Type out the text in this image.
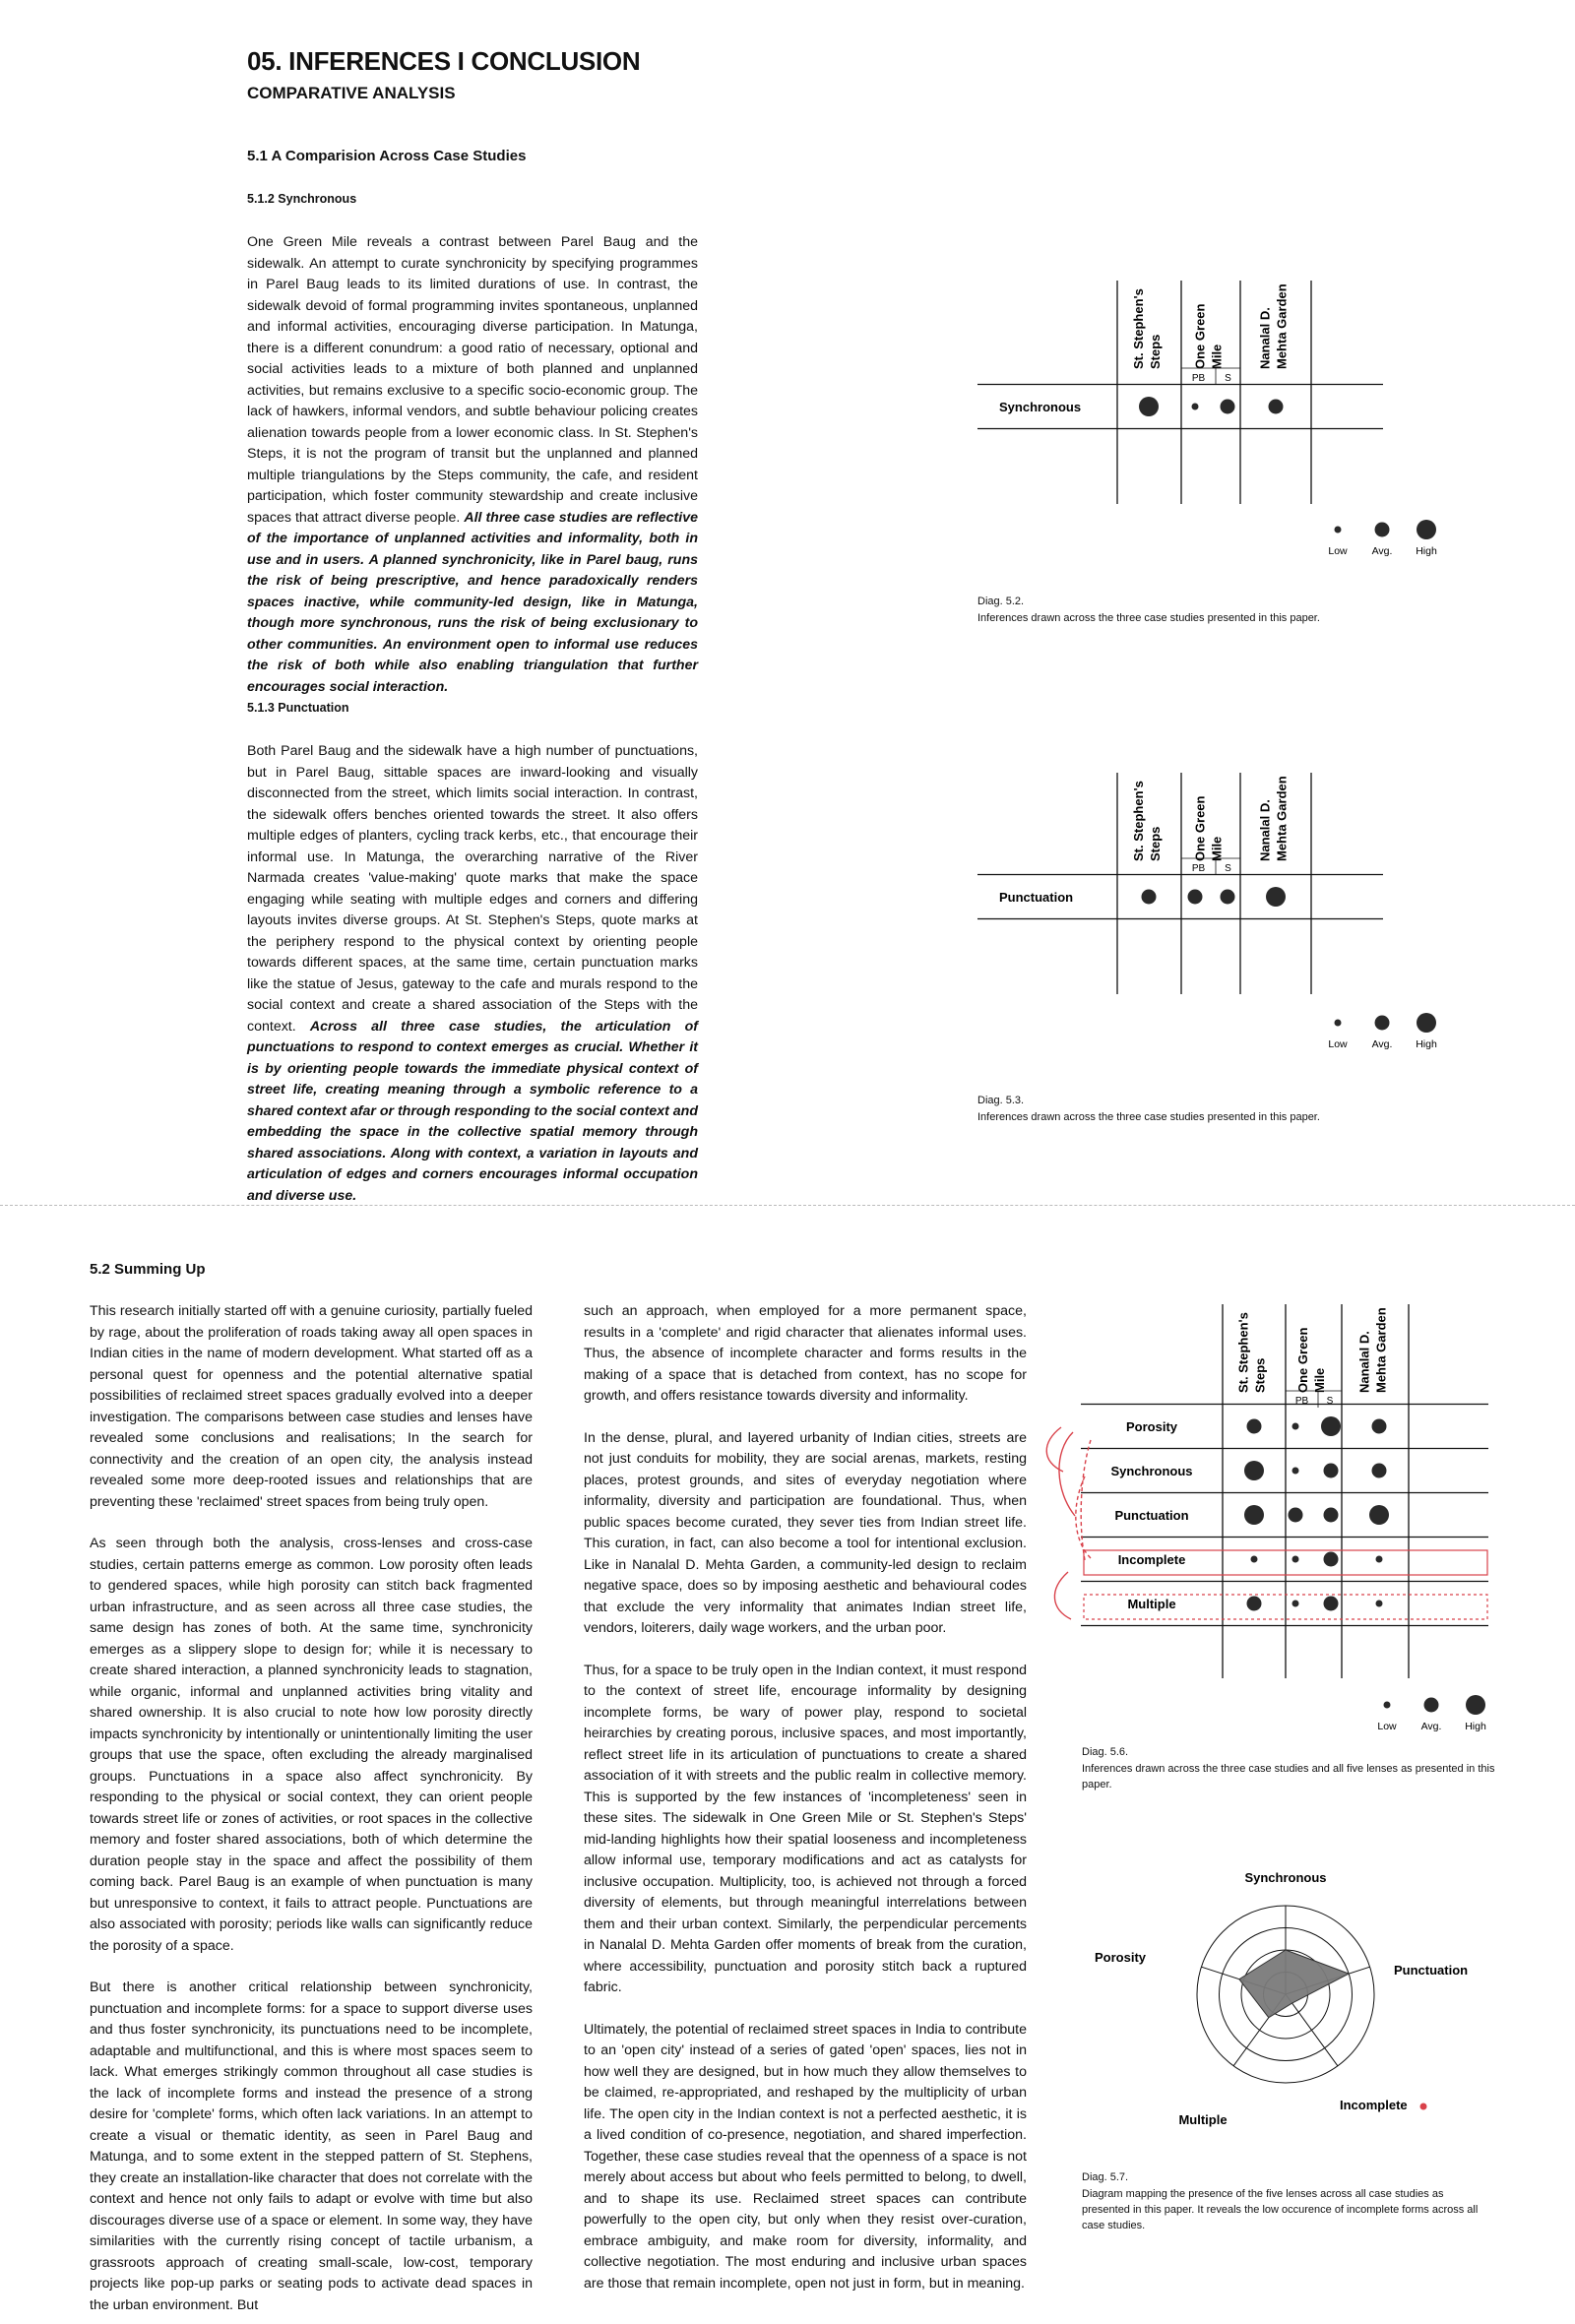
05. INFERENCES I CONCLUSION
COMPARATIVE ANALYSIS
5.1 A Comparision Across Case Studies
5.1.2 Synchronous

One Green Mile reveals a contrast between Parel Baug and the sidewalk. An attempt to curate synchronicity by specifying programmes in Parel Baug leads to its limited durations of use. In contrast, the sidewalk devoid of formal programming invites spontaneous, unplanned and informal activities, encouraging diverse participation. In Matunga, there is a different conundrum: a good ratio of necessary, optional and social activities leads to a mixture of both planned and unplanned activities, but remains exclusive to a specific socio-economic group. The lack of hawkers, informal vendors, and subtle behaviour policing creates alienation towards people from a lower economic class. In St. Stephen's Steps, it is not the program of transit but the unplanned and planned multiple triangulations by the Steps community, the cafe, and resident participation, which foster community stewardship and create inclusive spaces that attract diverse people. All three case studies are reflective of the importance of unplanned activities and informality, both in use and in users. A planned synchronicity, like in Parel baug, runs the risk of being prescriptive, and hence paradoxically renders spaces inactive, while community-led design, like in Matunga, though more synchronous, runs the risk of being exclusionary to other communities. An environment open to informal use reduces the risk of both while also enabling triangulation that further encourages social interaction.

5.1.3 Punctuation

Both Parel Baug and the sidewalk have a high number of punctuations, but in Parel Baug, sittable spaces are inward-looking and visually disconnected from the street, which limits social interaction. In contrast, the sidewalk offers benches oriented towards the street. It also offers multiple edges of planters, cycling track kerbs, etc., that encourage their informal use. In Matunga, the overarching narrative of the River Narmada creates 'value-making' quote marks that make the space engaging while seating with multiple edges and corners and differing layouts invites diverse groups. At St. Stephen's Steps, quote marks at the periphery respond to the physical context by orienting people towards different spaces, at the same time, certain punctuation marks like the statue of Jesus, gateway to the cafe and murals respond to the social context and create a shared association of the Steps with the context. Across all three case studies, the articulation of punctuations to respond to context emerges as crucial. Whether it is by orienting people towards the immediate physical context of street life, creating meaning through a symbolic reference to a shared context afar or through responding to the social context and embedding the space in the collective spatial memory through shared associations. Along with context, a variation in layouts and articulation of edges and corners encourages informal occupation and diverse use.

St. Stephen's Steps One Green Mile	Nanalal D. Mehta Garden
PB S
Synchronous
Low Avg. High
Diag. 5.2.
Inferences drawn across the three case studies presented in this paper.
St. Stephen's Steps One Green Mile	Nanalal D. Mehta Garden
PB S
Punctuation
Low Avg. High
Diag. 5.3.
Inferences drawn across the three case studies presented in this paper.
5.2 Summing Up

This research initially started off with a genuine curiosity, partially fueled by rage, about the proliferation of roads taking away all open spaces in Indian cities in the name of modern development. What started off as a personal quest for openness and the potential alternative spatial possibilities of reclaimed street spaces gradually evolved into a deeper investigation. The comparisons between case studies and lenses have revealed some conclusions and realisations; In the search for connectivity and the creation of an open city, the analysis instead revealed some more deep-rooted issues and relationships that are preventing these 'reclaimed' street spaces from being truly open.

As seen through both the analysis, cross-lenses and cross-case studies, certain patterns emerge as common. Low porosity often leads to gendered spaces, while high porosity can stitch back fragmented urban infrastructure, and as seen across all three case studies, the same design has zones of both. At the same time, synchronicity emerges as a slippery slope to design for; while it is necessary to create shared interaction, a planned synchronicity leads to stagnation, while organic, informal and unplanned activities bring vitality and shared ownership. It is also crucial to note how low porosity directly impacts synchronicity by intentionally or unintentionally limiting the user groups that use the space, often excluding the already marginalised groups. Punctuations in a space also affect synchronicity. By responding to the physical or social context, they can orient people towards street life or zones of activities, or root spaces in the collective memory and foster shared associations, both of which determine the duration people stay in the space and affect the possibility of them coming back. Parel Baug is an example of when punctuation is many but unresponsive to context, it fails to attract people. Punctuations are also associated with porosity; periods like walls can significantly reduce the porosity of a space.

But there is another critical relationship between synchronicity, punctuation and incomplete forms: for a space to support diverse uses and thus foster synchronicity, its punctuations need to be incomplete, adaptable and multifunctional, and this is where most spaces seem to lack. What emerges strikingly common throughout all case studies is the lack of incomplete forms and instead the presence of a strong desire for 'complete' forms, which often lack variations. In an attempt to create a visual or thematic identity, as seen in Parel Baug and Matunga, and to some extent in the stepped pattern of St. Stephens, they create an installation-like character that does not correlate with the context and hence not only fails to adapt or evolve with time but also discourages diverse use of a space or element. In some way, they have similarities with the currently rising concept of tactile urbanism, a grassroots approach of creating small-scale, low-cost, temporary projects like pop-up parks or seating pods to activate dead spaces in the urban environment. But

such an approach, when employed for a more permanent space, results in a 'complete' and rigid character that alienates informal uses. Thus, the absence of incomplete character and forms results in the making of a space that is detached from context, has no scope for growth, and offers resistance towards diversity and informality.

In the dense, plural, and layered urbanity of Indian cities, streets are not just conduits for mobility, they are social arenas, markets, resting places, protest grounds, and sites of everyday negotiation where informality, diversity and participation are foundational. Thus, when public spaces become curated, they sever ties from Indian street life. This curation, in fact, can also become a tool for intentional exclusion. Like in Nanalal D. Mehta Garden, a community-led design to reclaim negative space, does so by imposing aesthetic and behavioural codes that exclude the very informality that animates Indian street life, vendors, loiterers, daily wage workers, and the urban poor.

Thus, for a space to be truly open in the Indian context, it must respond to the context of street life, encourage informality by designing incomplete forms, be wary of power play, respond to societal heirarchies by creating porous, inclusive spaces, and most importantly, reflect street life in its articulation of punctuations to create a shared association of it with streets and the public realm in collective memory. This is supported by the few instances of 'incompleteness' seen in these sites. The sidewalk in One Green Mile or St. Stephen's Steps' mid-landing highlights how their spatial looseness and incompleteness allow informal use, temporary modifications and act as catalysts for inclusive occupation. Multiplicity, too, is achieved not through a forced diversity of elements, but through meaningful interrelations between them and their urban context. Similarly, the perpendicular percements in Nanalal D. Mehta Garden offer moments of break from the curation, where accessibility, punctuation and porosity stitch back a ruptured fabric.

Ultimately, the potential of reclaimed street spaces in India to contribute to an 'open city' instead of a series of gated 'open' spaces, lies not in how well they are designed, but in how much they allow themselves to be claimed, re-appropriated, and reshaped by the multiplicity of urban life. The open city in the Indian context is not a perfected aesthetic, it is a lived condition of co-presence, negotiation, and shared imperfection. Together, these case studies reveal that the openness of a space is not merely about access but about who feels permitted to belong, to dwell, and to shape its use. Reclaimed street spaces can contribute powerfully to the open city, but only when they resist over-curation, embrace ambiguity, and make room for diversity, informality, and collective negotiation. The most enduring and inclusive urban spaces are those that remain incomplete, open not just in form, but in meaning.

St. Stephen's Steps One Green Mile Nanalal D. Mehta Garden
PB S
Porosity
Synchronous
Punctuation
Incomplete
Multiple
Low Avg. High
Diag. 5.6.
Inferences drawn across the three case studies and all five lenses as presented in this paper.
Synchronous
Punctuation
Incomplete
Multiple
Porosity
Diag. 5.7.
Diagram mapping the presence of the five lenses across all case studies as presented in this paper. It reveals the low occurence of incomplete forms across all case studies.
